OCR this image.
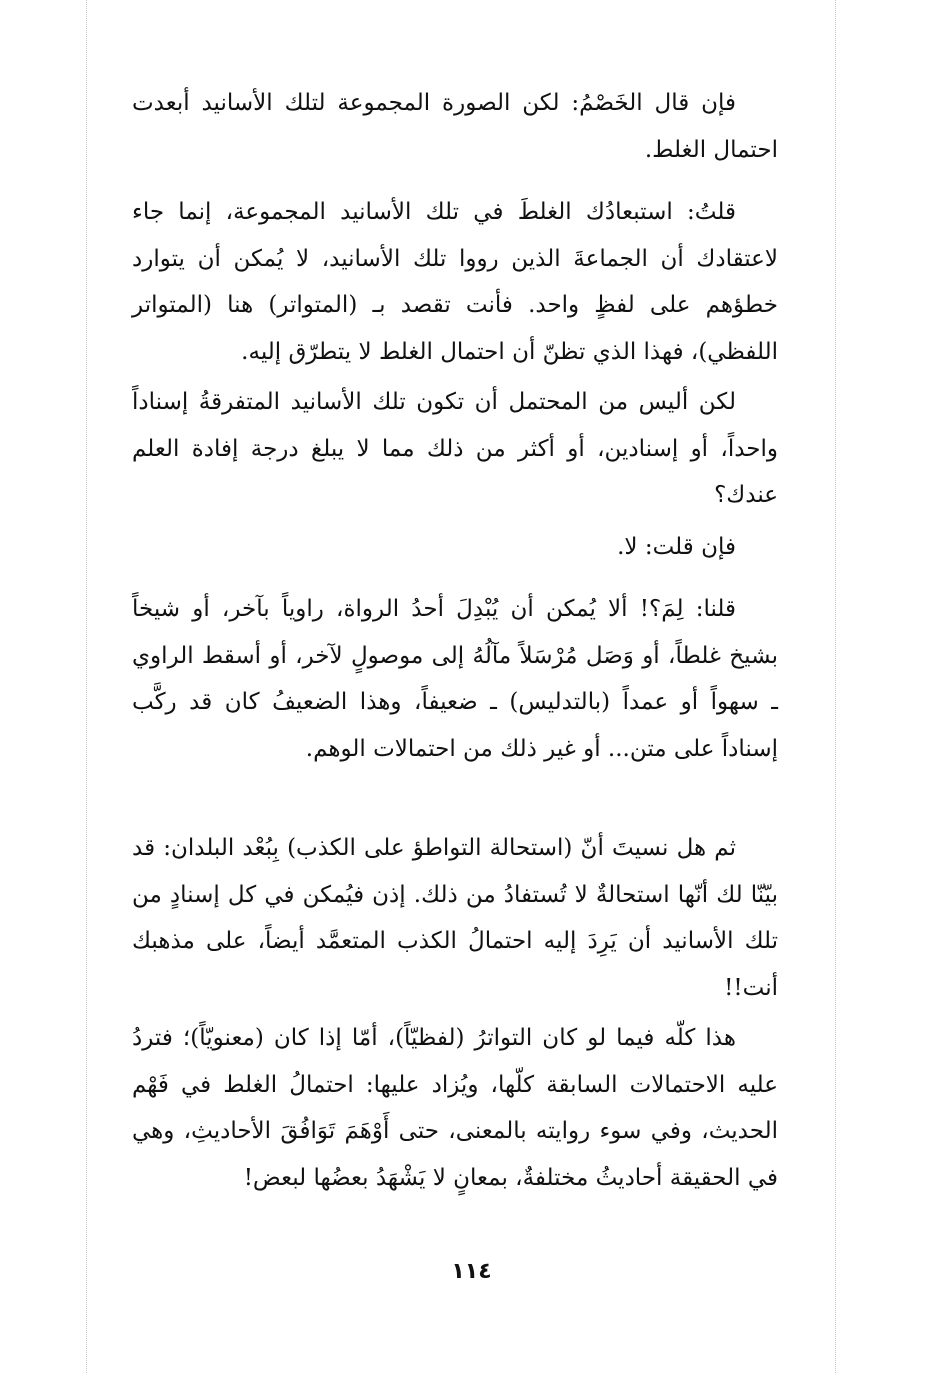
فإن قال الخَصْمُ: لكن الصورة المجموعة لتلك الأسانيد أبعدت احتمال الغلط.

قلتُ: استبعادُك الغلطَ في تلك الأسانيد المجموعة، إنما جاء لاعتقادك أن الجماعةَ الذين رووا تلك الأسانيد، لا يُمكن أن يتوارد خطؤهم على لفظٍ واحد. فأنت تقصد بـ (المتواتر) هنا (المتواتر اللفظي)، فهذا الذي تظنّ أن احتمال الغلط لا يتطرّق إليه.

لكن أليس من المحتمل أن تكون تلك الأسانيد المتفرقةُ إسناداً واحداً، أو إسنادين، أو أكثر من ذلك مما لا يبلغ درجة إفادة العلم عندك؟

فإن قلت: لا.

قلنا: لِمَ؟! ألا يُمكن أن يُبْدِلَ أحدُ الرواة، راوياً بآخر، أو شيخاً بشيخ غلطاً، أو وَصَل مُرْسَلاً مآلُهُ إلى موصولٍ لآخر، أو أسقط الراوي ـ سهواً أو عمداً (بالتدليس) ـ ضعيفاً، وهذا الضعيفُ كان قد ركَّب إسناداً على متن... أو غير ذلك من احتمالات الوهم.

ثم هل نسيتَ أنّ (استحالة التواطؤ على الكذب) بِبُعْد البلدان: قد بيّنّا لك أنّها استحالةٌ لا تُستفادُ من ذلك. إذن فيُمكن في كل إسنادٍ من تلك الأسانيد أن يَرِدَ إليه احتمالُ الكذب المتعمَّد أيضاً، على مذهبك أنت!!

هذا كلّه فيما لو كان التواترُ (لفظيّاً)، أمّا إذا كان (معنويّاً)؛ فتردُ عليه الاحتمالات السابقة كلّها، ويُزاد عليها: احتمالُ الغلط في فَهْم الحديث، وفي سوء روايته بالمعنى، حتى أَوْهَمَ تَوَافُقَ الأحاديثِ، وهي في الحقيقة أحاديثُ مختلفةٌ، بمعانٍ لا يَشْهَدُ بعضُها لبعض!

١١٤
